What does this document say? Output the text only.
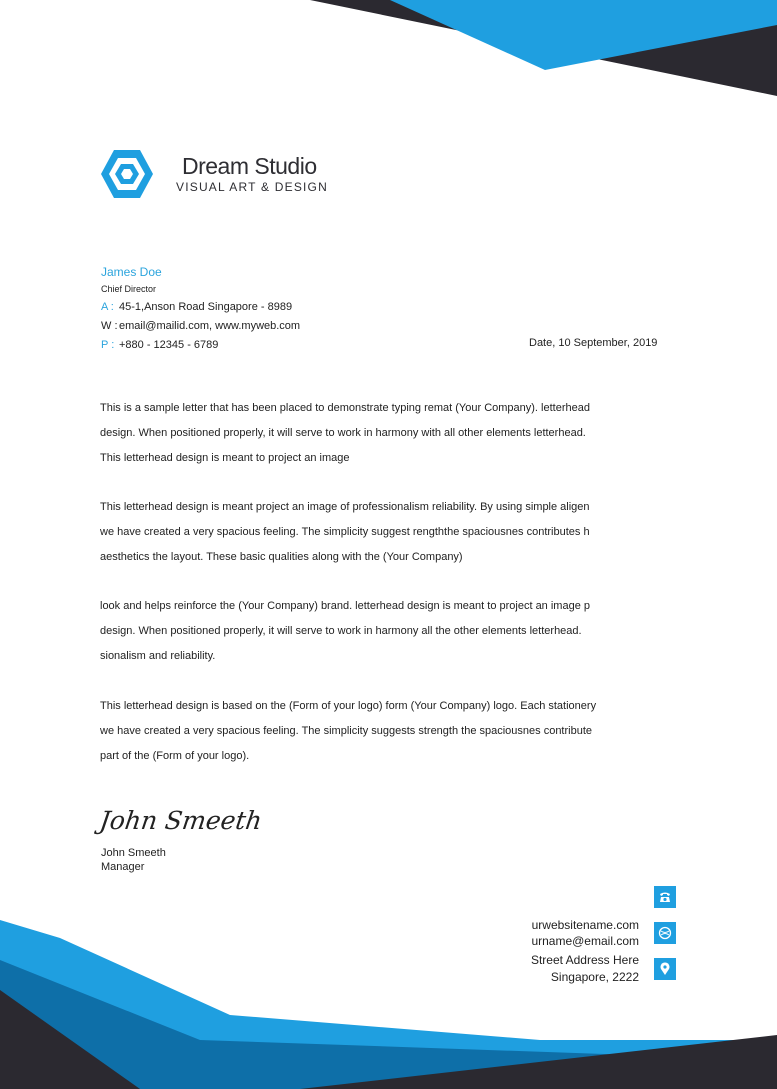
Dream Studio
VISUAL ART & DESIGN
James Doe
Chief Director
A : 45-1,Anson Road Singapore - 8989
W : email@mailid.com, www.myweb.com
P : +880 - 12345 - 6789	Date, 10 September, 2019
This is a sample letter that has been placed to demonstrate typing remat (Your Company). letterhead
design. When positioned properly, it will serve to work in harmony with all other elements letterhead.
This letterhead design is meant to project an image
This letterhead design is meant project an image of professionalism reliability. By using simple aligen
we have created a very spacious feeling. The simplicity suggest rengththe spaciousnes contributes h
aesthetics the layout. These basic qualities along with the (Your Company)
look and helps reinforce the (Your Company) brand. letterhead design is meant to project an image p
design. When positioned properly, it will serve to work in harmony all the other elements letterhead.
sionalism and reliability.
This letterhead design is based on the (Form of your logo) form (Your Company) logo. Each stationery
we have created a very spacious feeling. The simplicity suggests strength the spaciousnes contribute
part of the (Form of your logo).
John Smeeth
John Smeeth
Manager
urwebsitename.com
urname@email.com
Street Address Here
Singapore, 2222
